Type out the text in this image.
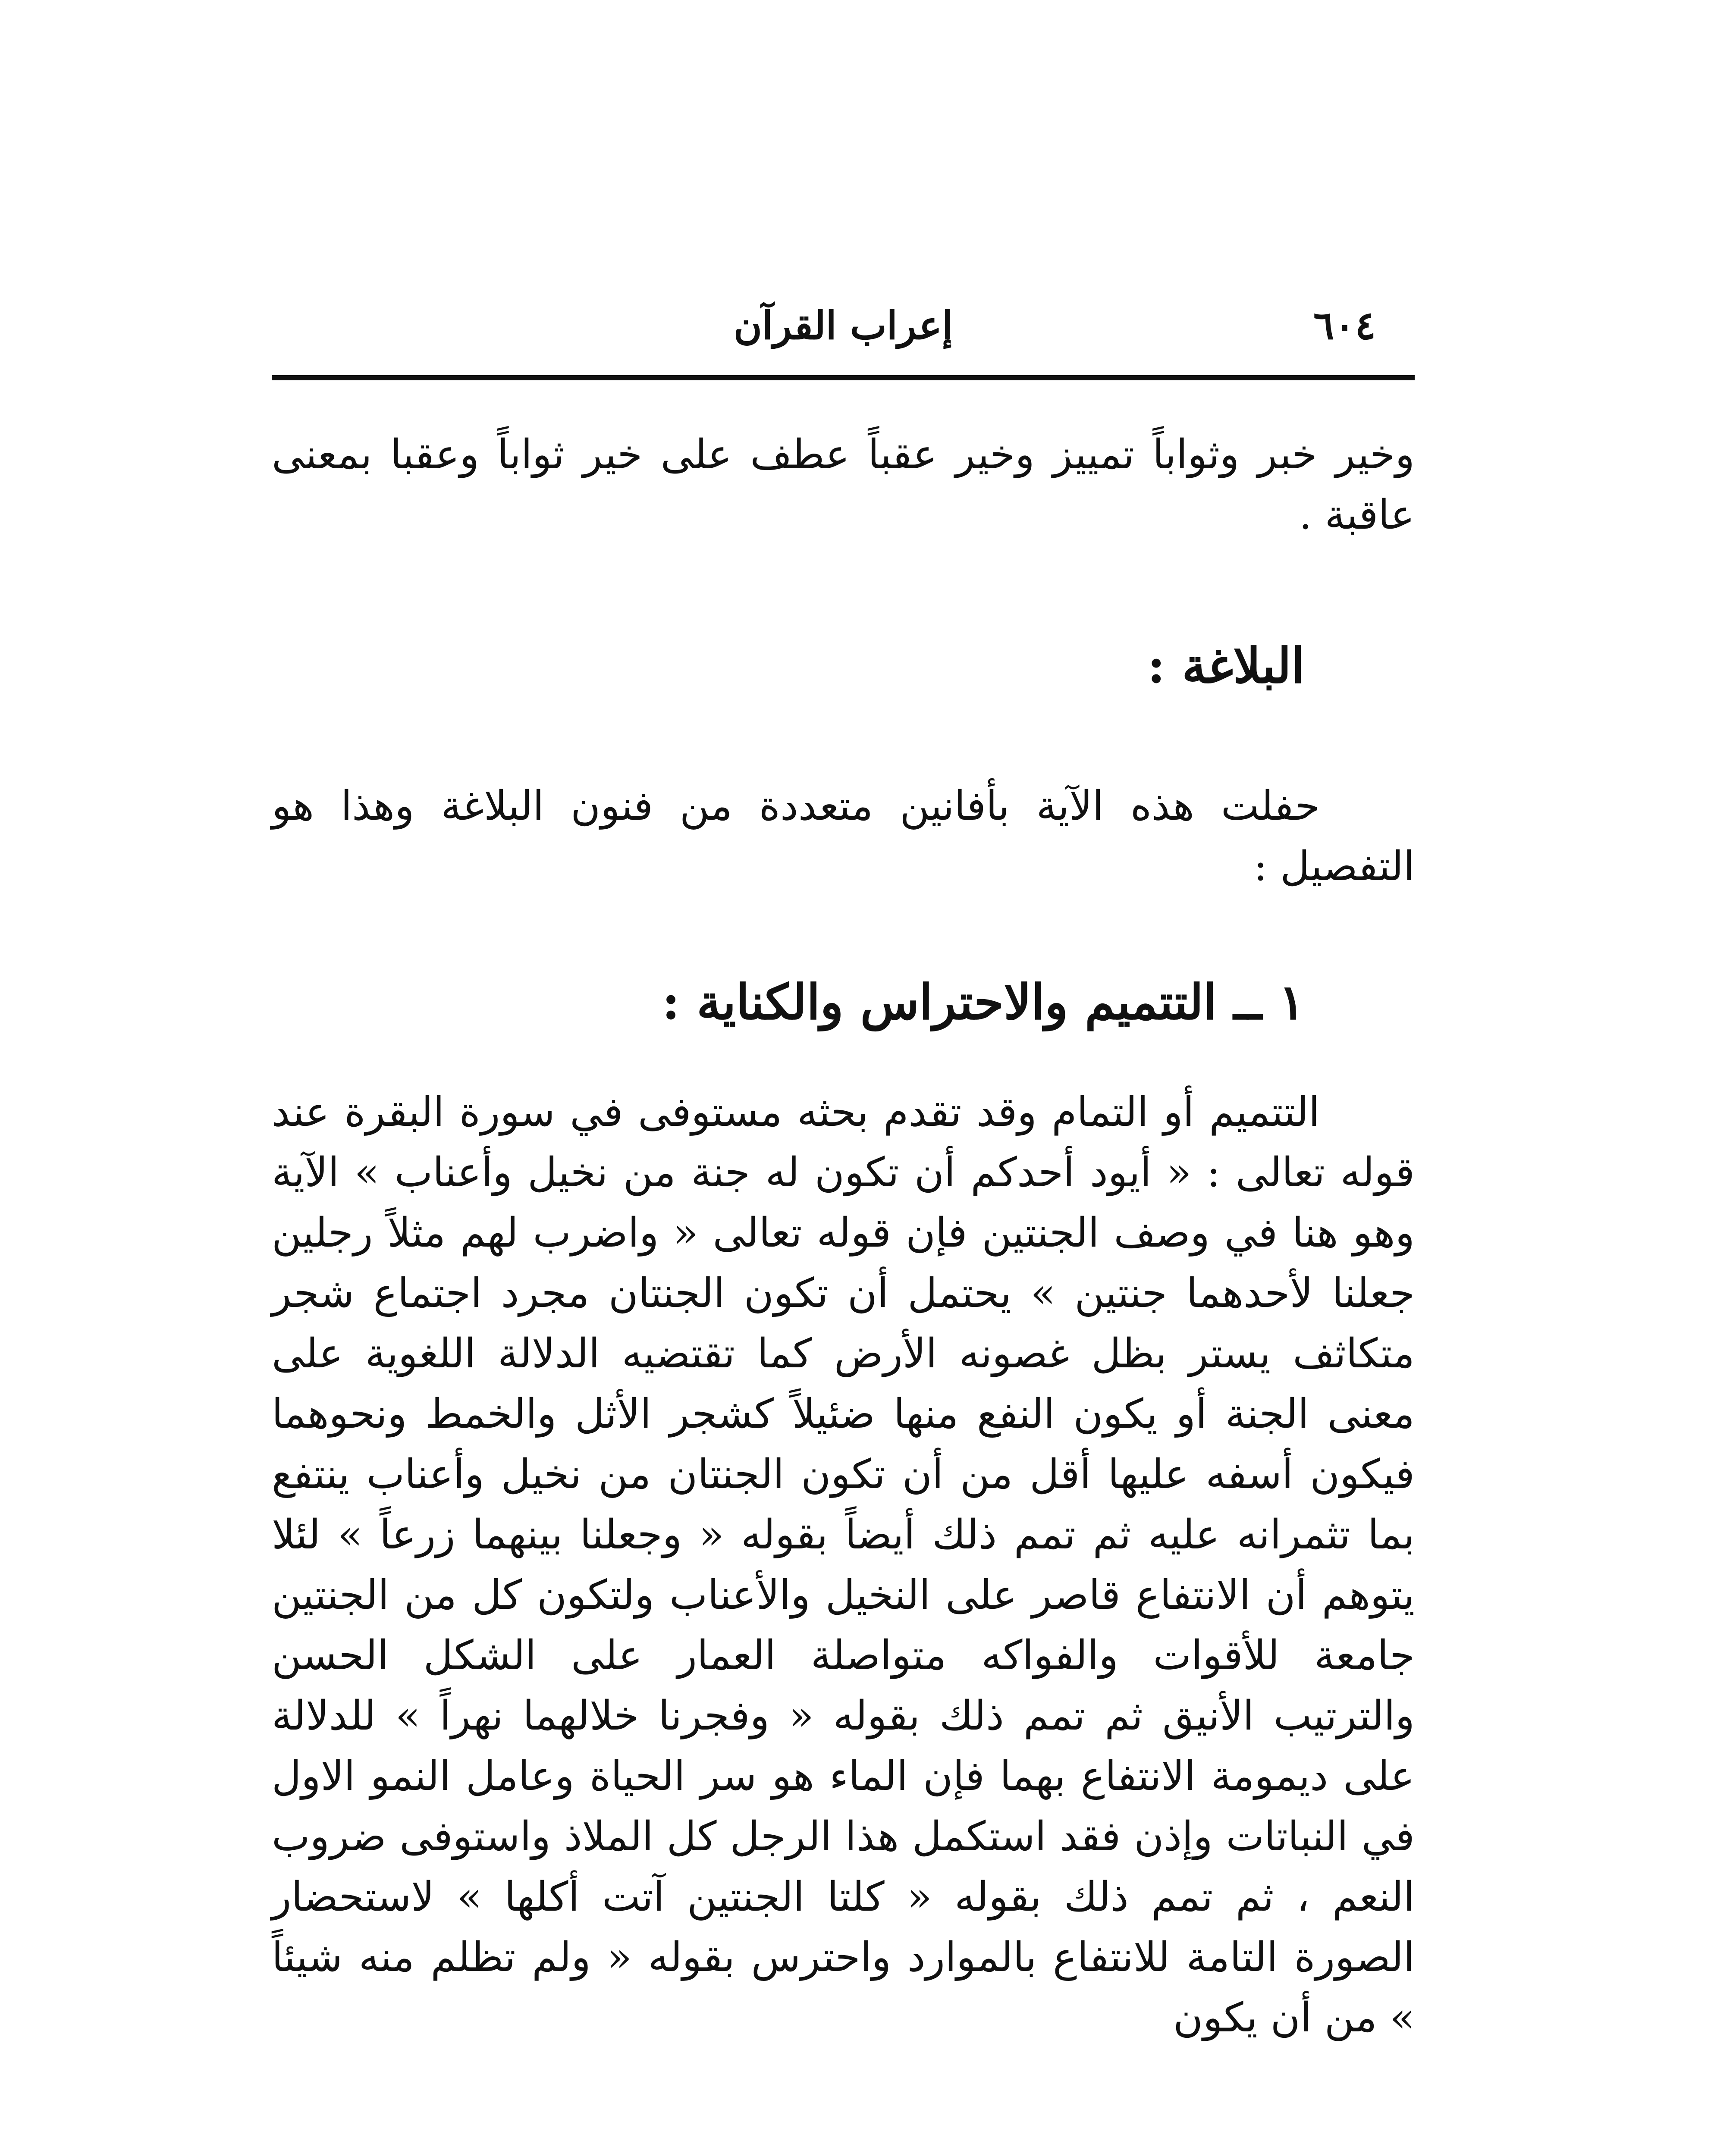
٦٠٤
إعراب القرآن

وخير خبر وثواباً تمييز وخير عقباً عطف على خير ثواباً وعقبا بمعنى عاقبة .

البلاغة :

حفلت هذه الآية بأفانين متعددة من فنون البلاغة وهذا هو التفصيل :

١ ــ التتميم والاحتراس والكناية :

التتميم أو التمام وقد تقدم بحثه مستوفى في سورة البقرة عند قوله تعالى : « أيود أحدكم أن تكون له جنة من نخيل وأعناب » الآية وهو هنا في وصف الجنتين فإن قوله تعالى « واضرب لهم مثلاً رجلين جعلنا لأحدهما جنتين » يحتمل أن تكون الجنتان مجرد اجتماع شجر متكاثف يستر بظل غصونه الأرض كما تقتضيه الدلالة اللغوية على معنى الجنة أو يكون النفع منها ضئيلاً كشجر الأثل والخمط ونحوهما فيكون أسفه عليها أقل من أن تكون الجنتان من نخيل وأعناب ينتفع بما تثمرانه عليه ثم تمم ذلك أيضاً بقوله « وجعلنا بينهما زرعاً » لئلا يتوهم أن الانتفاع قاصر على النخيل والأعناب ولتكون كل من الجنتين جامعة للأقوات والفواكه متواصلة العمار على الشكل الحسن والترتيب الأنيق ثم تمم ذلك بقوله « وفجرنا خلالهما نهراً » للدلالة على ديمومة الانتفاع بهما فإن الماء هو سر الحياة وعامل النمو الاول في النباتات وإذن فقد استكمل هذا الرجل كل الملاذ واستوفى ضروب النعم ، ثم تمم ذلك بقوله « كلتا الجنتين آتت أكلها » لاستحضار الصورة التامة للانتفاع بالموارد واحترس بقوله « ولم تظلم منه شيئاً » من أن يكون
